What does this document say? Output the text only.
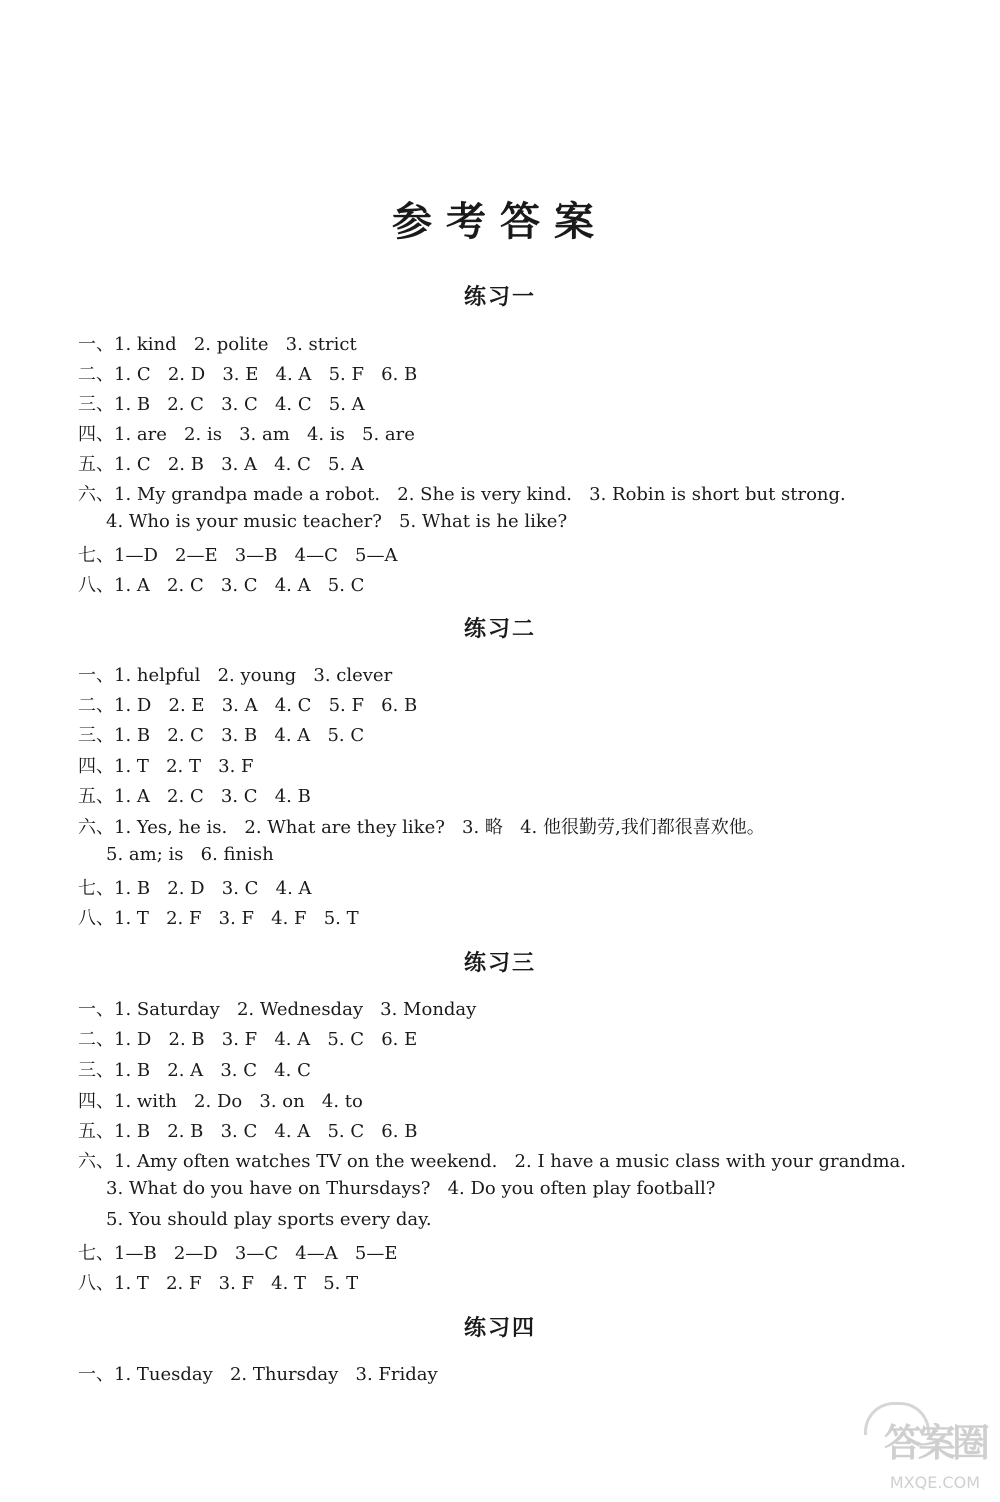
参考答案
练习一
一、1. kind   2. polite   3. strict
二、1. C   2. D   3. E   4. A   5. F   6. B
三、1. B   2. C   3. C   4. C   5. A
四、1. are   2. is   3. am   4. is   5. are
五、1. C   2. B   3. A   4. C   5. A
六、1. My grandpa made a robot.   2. She is very kind.   3. Robin is short but strong.
4. Who is your music teacher?   5. What is he like?
七、1—D   2—E   3—B   4—C   5—A
八、1. A   2. C   3. C   4. A   5. C
练习二
一、1. helpful   2. young   3. clever
二、1. D   2. E   3. A   4. C   5. F   6. B
三、1. B   2. C   3. B   4. A   5. C
四、1. T   2. T   3. F
五、1. A   2. C   3. C   4. B
六、1. Yes, he is.   2. What are they like?   3. 略   4. 他很勤劳,我们都很喜欢他。
5. am; is   6. finish
七、1. B   2. D   3. C   4. A
八、1. T   2. F   3. F   4. F   5. T
练习三
一、1. Saturday   2. Wednesday   3. Monday
二、1. D   2. B   3. F   4. A   5. C   6. E
三、1. B   2. A   3. C   4. C
四、1. with   2. Do   3. on   4. to
五、1. B   2. B   3. C   4. A   5. C   6. B
六、1. Amy often watches TV on the weekend.   2. I have a music class with your grandma.
3. What do you have on Thursdays?   4. Do you often play football?
5. You should play sports every day.
七、1—B   2—D   3—C   4—A   5—E
八、1. T   2. F   3. F   4. T   5. T
练习四
一、1. Tuesday   2. Thursday   3. Friday
答案圈
MXQE.COM
